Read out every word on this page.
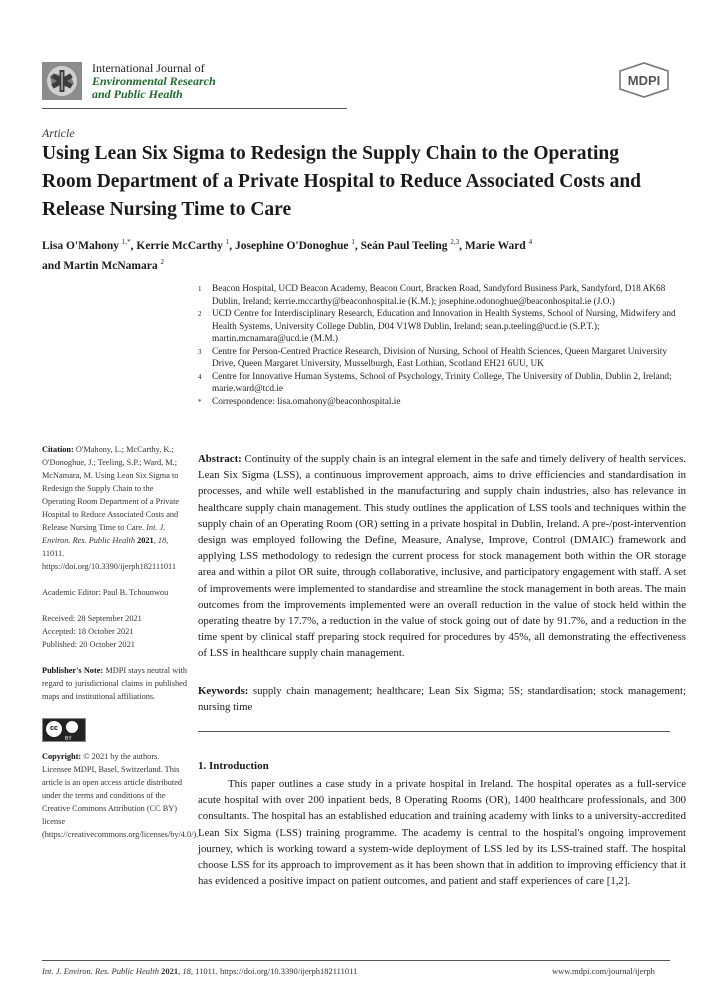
International Journal of
Environmental Research
and Public Health
MDPI
Article
Using Lean Six Sigma to Redesign the Supply Chain to the Operating Room Department of a Private Hospital to Reduce Associated Costs and Release Nursing Time to Care
Lisa O'Mahony $^{1,*}$, Kerrie McCarthy $^1$, Josephine O'Donoghue $^1$, Seán Paul Teeling $^{2,3}$, Marie Ward $^4$
and Martin McNamara $^2$
1 Beacon Hospital, UCD Beacon Academy, Beacon Court, Bracken Road, Sandyford Business Park, Sandyford, D18 AK68 Dublin, Ireland; kerrie.mccarthy@beaconhospital.ie (K.M.); josephine.odonoghue@beaconhospital.ie (J.O.)
2 UCD Centre for Interdisciplinary Research, Education and Innovation in Health Systems, School of Nursing, Midwifery and Health Systems, University College Dublin, D04 V1W8 Dublin, Ireland; sean.p.teeling@ucd.ie (S.P.T.); martin.mcnamara@ucd.ie (M.M.)
3 Centre for Person-Centred Practice Research, Division of Nursing, School of Health Sciences, Queen Margaret University Drive, Queen Margaret University, Musselburgh, East Lothian, Scotland EH21 6UU, UK
4 Centre for Innovative Human Systems, School of Psychology, Trinity College, The University of Dublin, Dublin 2, Ireland; marie.ward@tcd.ie
* Correspondence: lisa.omahony@beaconhospital.ie

Citation: O'Mahony, L.; McCarthy, K.; O'Donoghue, J.; Teeling, S.P.; Ward, M.; McNamara, M. Using Lean Six Sigma to Redesign the Supply Chain to the Operating Room Department of a Private Hospital to Reduce Associated Costs and Release Nursing Time to Care. Int. J. Environ. Res. Public Health 2021, 18, 11011. https://doi.org/10.3390/ijerph182111011

Academic Editor: Paul B. Tchounwou

Received: 28 September 2021

Accepted: 18 October 2021

Published: 20 October 2021

Publisher's Note: MDPI stays neutral with regard to jurisdictional claims in published maps and institutional affiliations.

cc
BY

Copyright: © 2021 by the authors. Licensee MDPI, Basel, Switzerland. This article is an open access article distributed under the terms and conditions of the Creative Commons Attribution (CC BY) license (https://creativecommons.org/licenses/by/4.0/).

Abstract: Continuity of the supply chain is an integral element in the safe and timely delivery of health services. Lean Six Sigma (LSS), a continuous improvement approach, aims to drive efficiencies and standardisation in processes, and while well established in the manufacturing and supply chain industries, also has relevance in healthcare supply chain management. This study outlines the application of LSS tools and techniques within the supply chain of an Operating Room (OR) setting in a private hospital in Dublin, Ireland. A pre-/post-intervention design was employed following the Define, Measure, Analyse, Improve, Control (DMAIC) framework and applying LSS methodology to redesign the current process for stock management both within the OR storage area and within a pilot OR suite, through collaborative, inclusive, and participatory engagement with staff. A set of improvements were implemented to standardise and streamline the stock management in both areas. The main outcomes from the improvements implemented were an overall reduction in the value of stock held within the operating theatre by 17.7%, a reduction in the value of stock going out of date by 91.7%, and a reduction in the time spent by clinical staff preparing stock required for procedures by 45%, all demonstrating the effectiveness of LSS in healthcare supply chain management.
Keywords: supply chain management; healthcare; Lean Six Sigma; 5S; standardisation; stock management; nursing time
1. Introduction
This paper outlines a case study in a private hospital in Ireland. The hospital operates as a full-service acute hospital with over 200 inpatient beds, 8 Operating Rooms (OR), 1400 healthcare professionals, and 300 consultants. The hospital has an established education and training academy with links to a university-accredited Lean Six Sigma (LSS) training programme. The academy is central to the hospital's ongoing improvement journey, which is working toward a system-wide deployment of LSS led by its LSS-trained staff. The hospital choose LSS for its approach to improvement as it has been shown that in addition to improving efficiency that it has evidenced a positive impact on patient outcomes, and patient and staff experiences of care [1,2].
Int. J. Environ. Res. Public Health 2021, 18, 11011. https://doi.org/10.3390/ijerph182111011	www.mdpi.com/journal/ijerph
